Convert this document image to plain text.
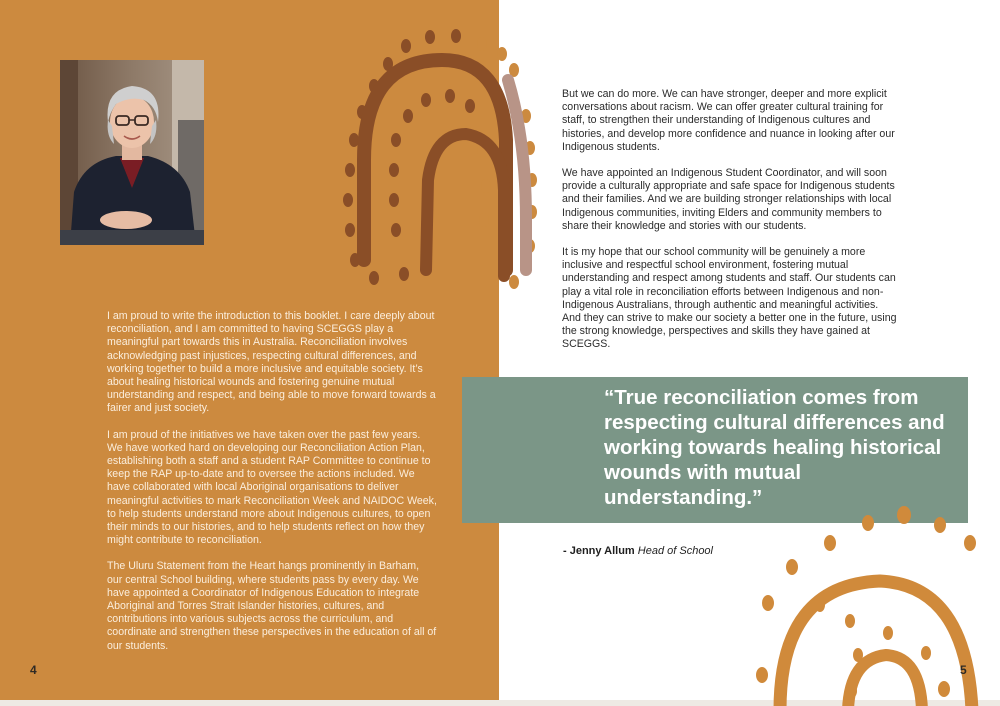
I am proud to write the introduction to this booklet. I care deeply about reconciliation, and I am committed to having SCEGGS play a meaningful part towards this in Australia. Reconciliation involves acknowledging past injustices, respecting cultural differences, and working together to build a more inclusive and equitable society. It’s about healing historical wounds and fostering genuine mutual understanding and respect, and being able to move forward towards a fairer and just society.

I am proud of the initiatives we have taken over the past few years. We have worked hard on developing our Reconciliation Action Plan, establishing both a staff and a student RAP Committee to continue to keep the RAP up-to-date and to oversee the actions included. We have collaborated with local Aboriginal organisations to deliver meaningful activities to mark Reconciliation Week and NAIDOC Week, to help students understand more about Indigenous cultures, to open their minds to our histories, and to help students reflect on how they might contribute to reconciliation.

The Uluru Statement from the Heart hangs prominently in Barham, our central School building, where students pass by every day. We have appointed a Coordinator of Indigenous Education to integrate Aboriginal and Torres Strait Islander histories, cultures, and contributions into various subjects across the curriculum, and coordinate and strengthen these perspectives in the education of all of our students.

4

But we can do more. We can have stronger, deeper and more explicit conversations about racism. We can offer greater cultural training for staff, to strengthen their understanding of Indigenous cultures and histories, and develop more confidence and nuance in looking after our Indigenous students.

We have appointed an Indigenous Student Coordinator, and will soon provide a culturally appropriate and safe space for Indigenous students and their families. And we are building stronger relationships with local Indigenous communities, inviting Elders and community members to share their knowledge and stories with our students.

It is my hope that our school community will be genuinely a more inclusive and respectful school environment, fostering mutual understanding and respect among students and staff. Our students can play a vital role in reconciliation efforts between Indigenous and non-Indigenous Australians, through authentic and meaningful activities. And they can strive to make our society a better one in the future, using the strong knowledge, perspectives and skills they have gained at SCEGGS.

“True reconciliation comes from respecting cultural differences and working towards healing historical wounds with mutual understanding.”
- Jenny Allum Head of School
5
